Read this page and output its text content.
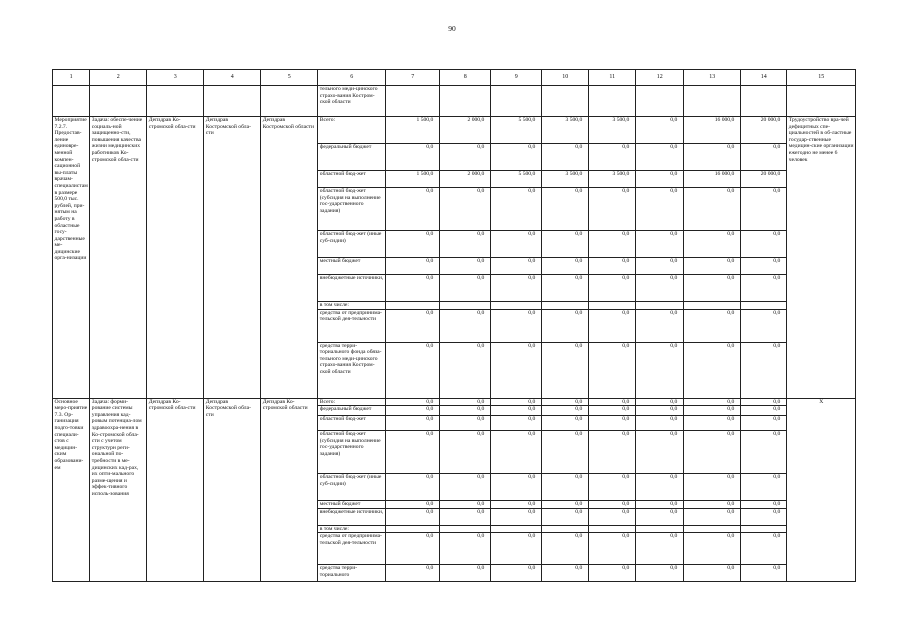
90
1	2	3	4	5	6	7	8	9	10	11	12	13	14	15
					тельного меди-цинского страхо-вания Костром-ской области									
Мероприятие 7.2.7. Предостав-ление единовре-менной компен-сационной вы-платы врачам-специалистам в размере 500,0 тыс. рублей, при-нятым на работу в областные госу-дарственные ме-дицинские орга-низации	Задача: обеспе-чение социаль-ной защищенно-сти, повышения качества жизни медицинских работников Ко-стромской обла-сти	Депздрав Ко-стромской обла-сти	Депздрав Костромской обла-сти	Депздрав Костромской области	Всего:	1 500,0	2 000,0	5 500,0	3 500,0	3 500,0	0,0	16 000,0	20 000,0	Трудоустройство вра-чей дефицитных спе-циальностей в об-ластные государ-ственные медицин-ские организации ежегодно не менее 6 человек
					федеральный бюджет	0,0	0,0	0,0	0,0	0,0	0,0	0,0	0,0	
					областной бюд-жет	1 500,0	2 000,0	5 500,0	3 500,0	3 500,0	0,0	16 000,0	20 000,0	
					областной бюд-жет (субсидия на выполнение гос-ударственного задания)	0,0	0,0	0,0	0,0	0,0	0,0	0,0	0,0	
					областной бюд-жет (иные суб-сидии)	0,0	0,0	0,0	0,0	0,0	0,0	0,0	0,0	
					местный бюджет	0,0	0,0	0,0	0,0	0,0	0,0	0,0	0,0	
					внебюджетные источники,	0,0	0,0	0,0	0,0	0,0	0,0	0,0	0,0	
					в том числе:									
					средства от предпринима-тельской дея-тельности	0,0	0,0	0,0	0,0	0,0	0,0	0,0	0,0	
					средства терри-ториального фонда обяза-тельного меди-цинского страхо-вания Костром-ской области	0,0	0,0	0,0	0,0	0,0	0,0	0,0	0,0	
Основное меро-приятие 7.3. Ор-ганизация подго-товки специали-стов с медицин-ским образовани-ем	Задача: форми-рование системы управления кад-ровым потенциа-лом здравоохра-нения в Ко-стромской обла-сти с учетом структурн реги-ональной по-требности в ме-дицинских кад-рах, их опти-мального разме-щения и эффек-тивного исполь-зования	Депздрав Ко-стромской обла-сти	Депздрав Костромской обла-сти	Депздрав Ко-стромской области	Всего:	0,0	0,0	0,0	0,0	0,0	0,0	0,0	0,0	Х
					федеральный бюджет	0,0	0,0	0,0	0,0	0,0	0,0	0,0	0,0	
					областной бюд-жет	0,0	0,0	0,0	0,0	0,0	0,0	0,0	0,0	
					областной бюд-жет (субсидия на выполнение гос-ударственного задания)	0,0	0,0	0,0	0,0	0,0	0,0	0,0	0,0	
					областной бюд-жет (иные суб-сидии)	0,0	0,0	0,0	0,0	0,0	0,0	0,0	0,0	
					местный бюджет	0,0	0,0	0,0	0,0	0,0	0,0	0,0	0,0	
					внебюджетные источники,	0,0	0,0	0,0	0,0	0,0	0,0	0,0	0,0	
					в том числе:									
					средства от предпринима-тельской дея-тельности	0,0	0,0	0,0	0,0	0,0	0,0	0,0	0,0	
					средства терри-ториального	0,0	0,0	0,0	0,0	0,0	0,0	0,0	0,0	
